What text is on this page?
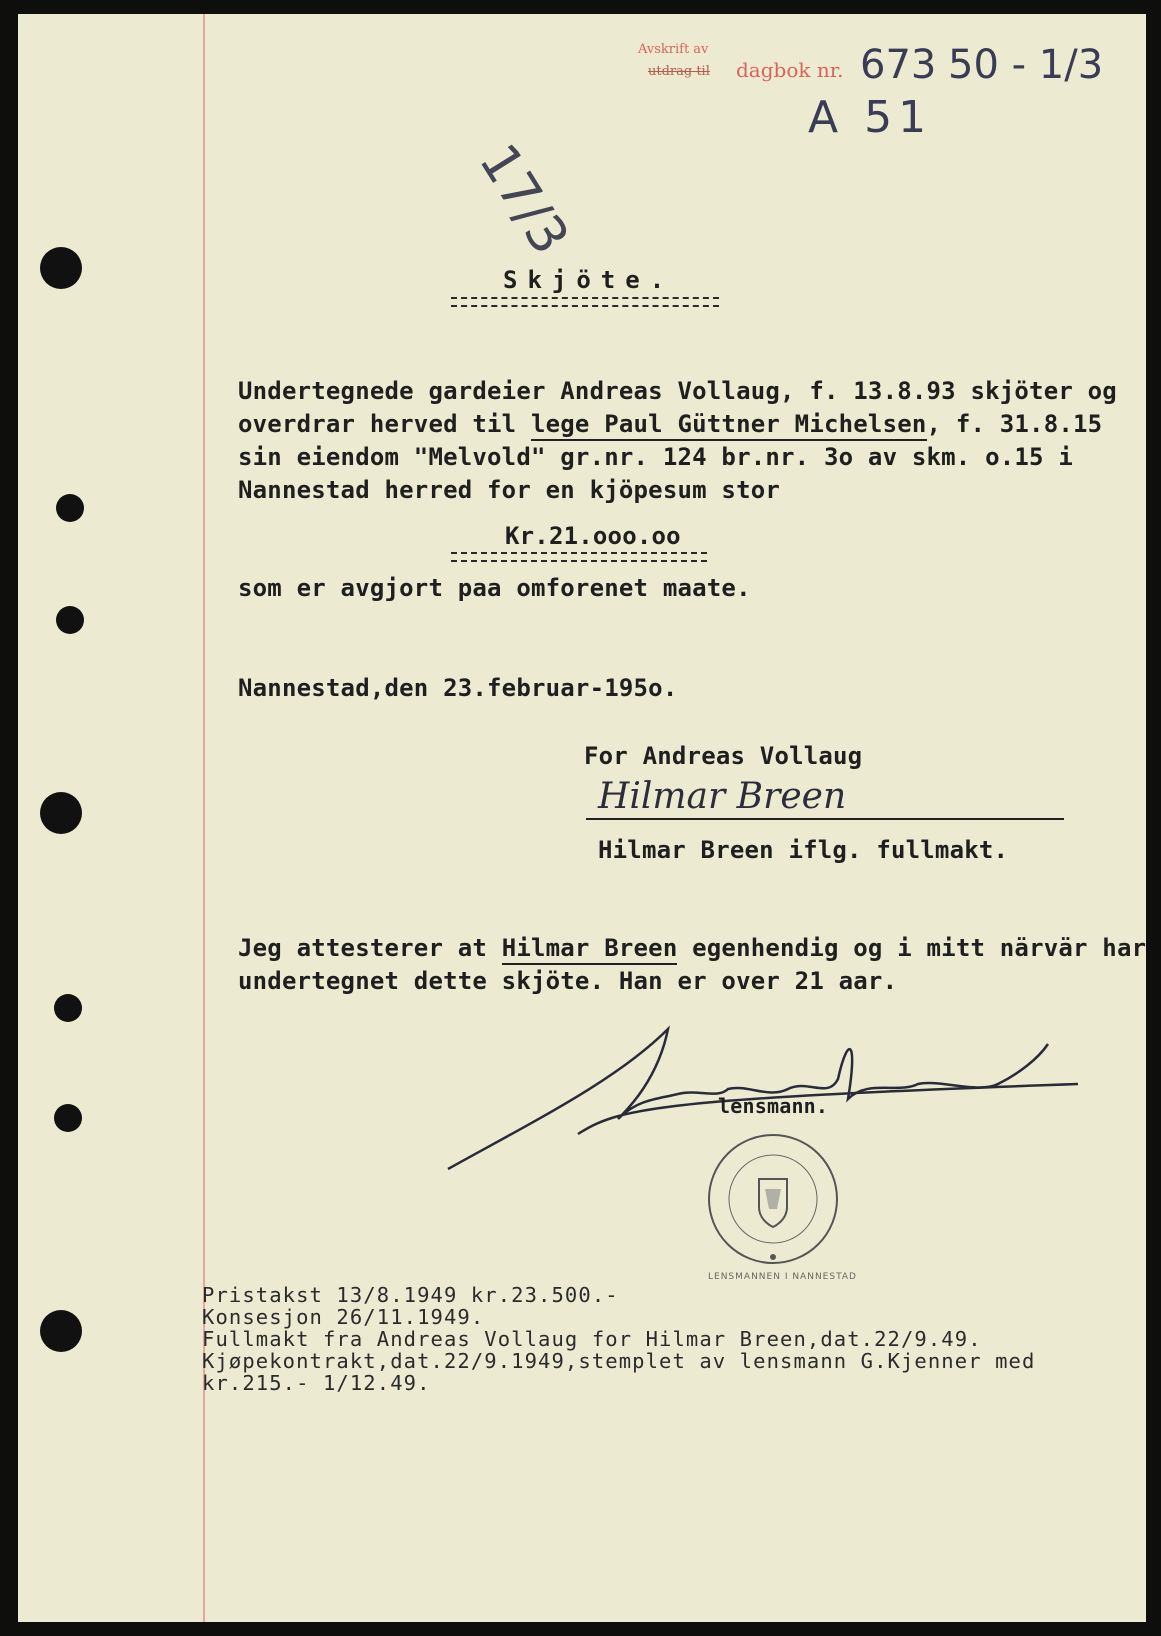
Avskrift av
utdrag til dagbok nr. 673 50 - 1/3
A 51
17/3
Skjöte.
Undertegnede gardeier Andreas Vollaug, f. 13.8.93 skjöter og
overdrar herved til lege Paul Güttner Michelsen, f. 31.8.15
sin eiendom "Melvold" gr.nr. 124 br.nr. 3o av skm. o.15 i
Nannestad herred for en kjöpesum stor
Kr.21.ooo.oo
som er avgjort paa omforenet maate.
Nannestad,den 23.februar-195o.
For Andreas Vollaug
Hilmar Breen
Hilmar Breen iflg. fullmakt.
Jeg attesterer at Hilmar Breen egenhendig og i mitt närvär har
undertegnet dette skjöte. Han er over 21 aar.
lensmann.
LENSMANNEN I NANNESTAD
Pristakst 13/8.1949 kr.23.500.-
Konsesjon 26/11.1949.
Fullmakt fra Andreas Vollaug for Hilmar Breen,dat.22/9.49.
Kjøpekontrakt,dat.22/9.1949,stemplet av lensmann G.Kjenner med
kr.215.- 1/12.49.
